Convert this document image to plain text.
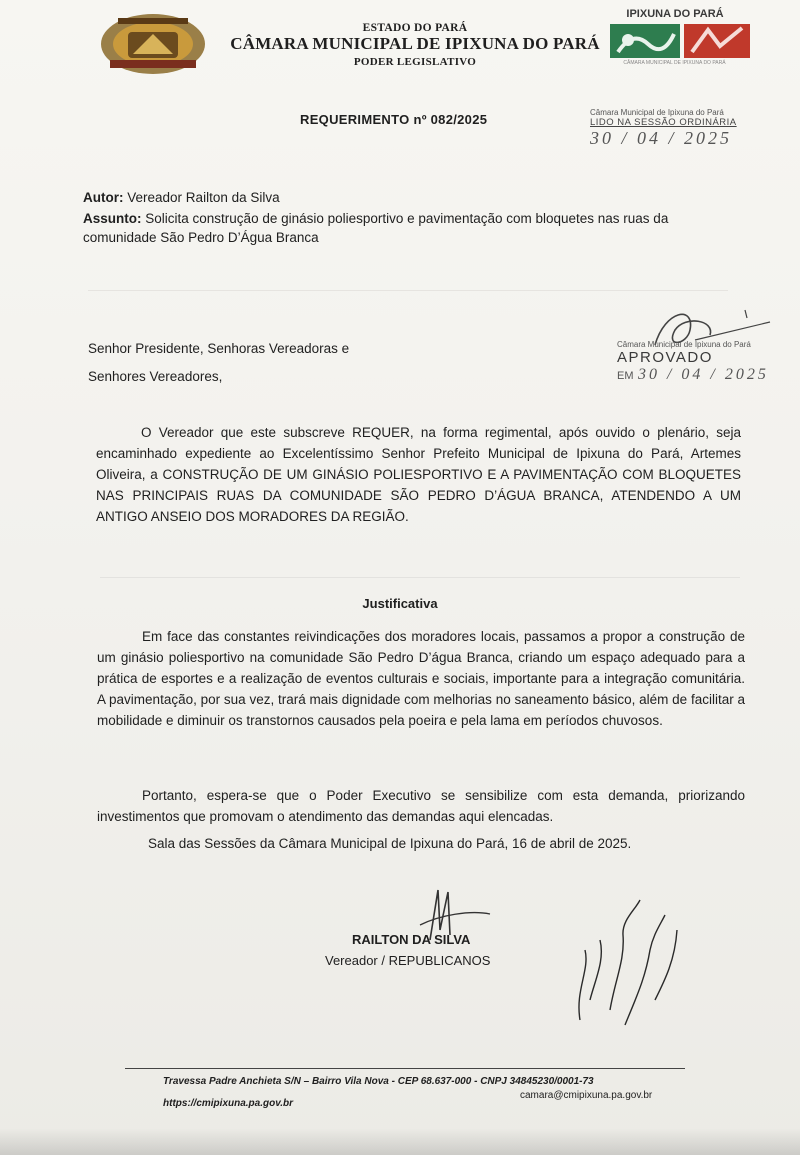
ESTADO DO PARÁ
CÂMARA MUNICIPAL DE IPIXUNA DO PARÁ
PODER LEGISLATIVO
IPIXUNA DO PARÁ
CÂMARA MUNICIPAL DE IPIXUNA DO PARÁ
REQUERIMENTO nº 082/2025	Câmara Municipal de Ipixuna do Pará
LIDO NA SESSÃO ORDINÁRIA
30 / 04 / 2025
Autor: Vereador Railton da Silva
Assunto: Solicita construção de ginásio poliesportivo e pavimentação com bloquetes nas ruas da comunidade São Pedro D’Água Branca
Senhor Presidente, Senhoras Vereadoras e
Senhores Vereadores,
Câmara Municipal de Ipixuna do Pará
APROVADO
EM 30 / 04 / 2025
O Vereador que este subscreve REQUER, na forma regimental, após ouvido o plenário, seja encaminhado expediente ao Excelentíssimo Senhor Prefeito Municipal de Ipixuna do Pará, Artemes Oliveira, a CONSTRUÇÃO DE UM GINÁSIO POLIESPORTIVO E A PAVIMENTAÇÃO COM BLOQUETES NAS PRINCIPAIS RUAS DA COMUNIDADE SÃO PEDRO D’ÁGUA BRANCA, ATENDENDO A UM ANTIGO ANSEIO DOS MORADORES DA REGIÃO.
Justificativa
Em face das constantes reivindicações dos moradores locais, passamos a propor a construção de um ginásio poliesportivo na comunidade São Pedro D’água Branca, criando um espaço adequado para a prática de esportes e a realização de eventos culturais e sociais, importante para a integração comunitária. A pavimentação, por sua vez, trará mais dignidade com melhorias no saneamento básico, além de facilitar a mobilidade e diminuir os transtornos causados pela poeira e pela lama em períodos chuvosos.
Portanto, espera-se que o Poder Executivo se sensibilize com esta demanda, priorizando investimentos que promovam o atendimento das demandas aqui elencadas.
Sala das Sessões da Câmara Municipal de Ipixuna do Pará, 16 de abril de 2025.
RAILTON DA SILVA
Vereador / REPUBLICANOS
Travessa Padre Anchieta S/N – Bairro Vila Nova - CEP 68.637-000 - CNPJ 34845230/0001-73
https://cmipixuna.pa.gov.br
camara@cmipixuna.pa.gov.br
